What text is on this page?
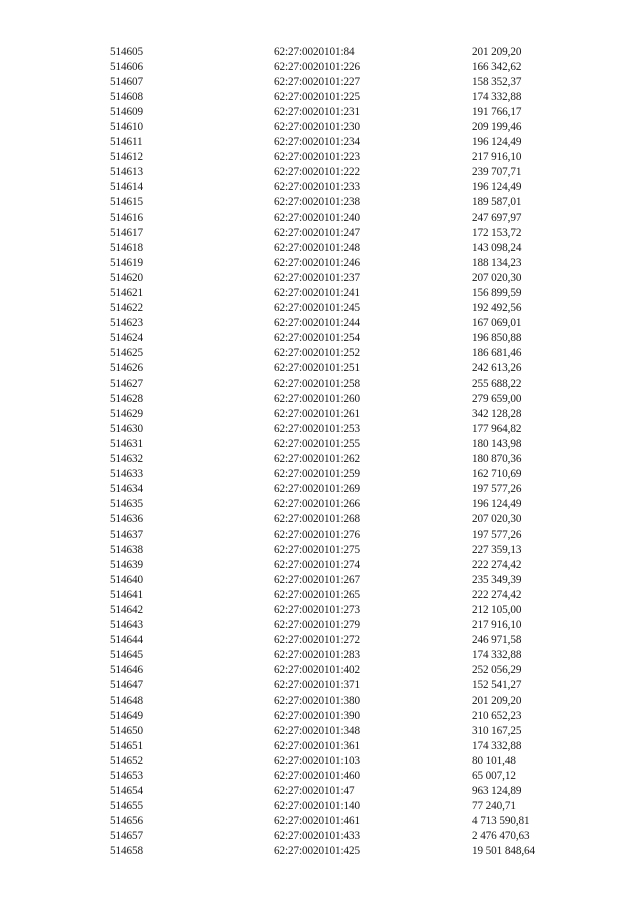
514605	62:27:0020101:84	201 209,20
514606	62:27:0020101:226	166 342,62
514607	62:27:0020101:227	158 352,37
514608	62:27:0020101:225	174 332,88
514609	62:27:0020101:231	191 766,17
514610	62:27:0020101:230	209 199,46
514611	62:27:0020101:234	196 124,49
514612	62:27:0020101:223	217 916,10
514613	62:27:0020101:222	239 707,71
514614	62:27:0020101:233	196 124,49
514615	62:27:0020101:238	189 587,01
514616	62:27:0020101:240	247 697,97
514617	62:27:0020101:247	172 153,72
514618	62:27:0020101:248	143 098,24
514619	62:27:0020101:246	188 134,23
514620	62:27:0020101:237	207 020,30
514621	62:27:0020101:241	156 899,59
514622	62:27:0020101:245	192 492,56
514623	62:27:0020101:244	167 069,01
514624	62:27:0020101:254	196 850,88
514625	62:27:0020101:252	186 681,46
514626	62:27:0020101:251	242 613,26
514627	62:27:0020101:258	255 688,22
514628	62:27:0020101:260	279 659,00
514629	62:27:0020101:261	342 128,28
514630	62:27:0020101:253	177 964,82
514631	62:27:0020101:255	180 143,98
514632	62:27:0020101:262	180 870,36
514633	62:27:0020101:259	162 710,69
514634	62:27:0020101:269	197 577,26
514635	62:27:0020101:266	196 124,49
514636	62:27:0020101:268	207 020,30
514637	62:27:0020101:276	197 577,26
514638	62:27:0020101:275	227 359,13
514639	62:27:0020101:274	222 274,42
514640	62:27:0020101:267	235 349,39
514641	62:27:0020101:265	222 274,42
514642	62:27:0020101:273	212 105,00
514643	62:27:0020101:279	217 916,10
514644	62:27:0020101:272	246 971,58
514645	62:27:0020101:283	174 332,88
514646	62:27:0020101:402	252 056,29
514647	62:27:0020101:371	152 541,27
514648	62:27:0020101:380	201 209,20
514649	62:27:0020101:390	210 652,23
514650	62:27:0020101:348	310 167,25
514651	62:27:0020101:361	174 332,88
514652	62:27:0020101:103	80 101,48
514653	62:27:0020101:460	65 007,12
514654	62:27:0020101:47	963 124,89
514655	62:27:0020101:140	77 240,71
514656	62:27:0020101:461	4 713 590,81
514657	62:27:0020101:433	2 476 470,63
514658	62:27:0020101:425	19 501 848,64
